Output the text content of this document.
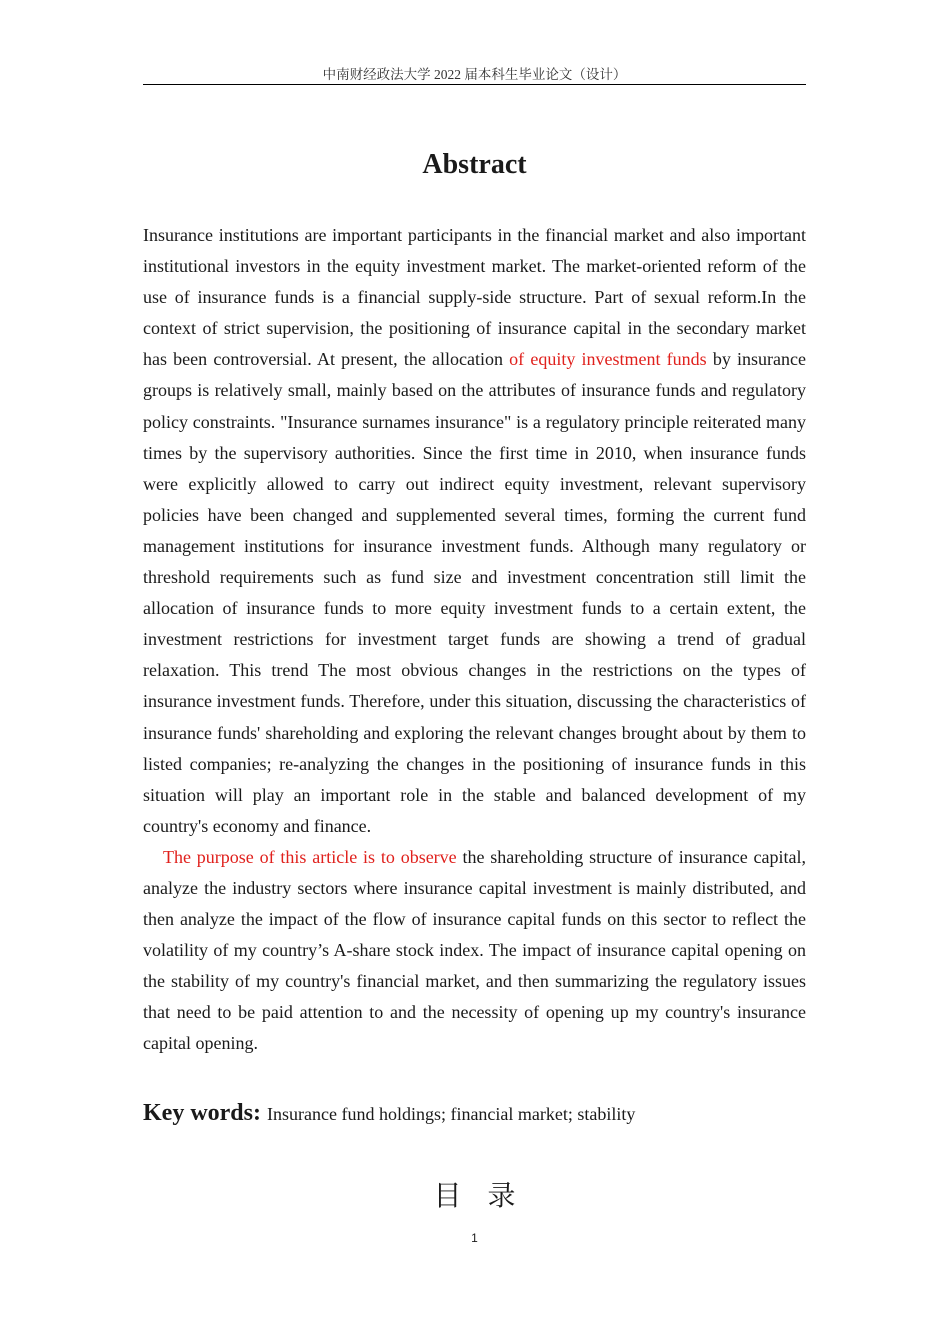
中南财经政法大学 2022 届本科生毕业论文（设计）
Abstract

Insurance institutions are important participants in the financial market and also important institutional investors in the equity investment market. The market-oriented reform of the use of insurance funds is a financial supply-side structure. Part of sexual reform.In the context of strict supervision, the positioning of insurance capital in the secondary market has been controversial. At present, the allocation of equity investment funds by insurance groups is relatively small, mainly based on the attributes of insurance funds and regulatory policy constraints. "Insurance surnames insurance" is a regulatory principle reiterated many times by the supervisory authorities. Since the first time in 2010, when insurance funds were explicitly allowed to carry out indirect equity investment, relevant supervisory policies have been changed and supplemented several times, forming the current fund management institutions for insurance investment funds. Although many regulatory or threshold requirements such as fund size and investment concentration still limit the allocation of insurance funds to more equity investment funds to a certain extent, the investment restrictions for investment target funds are showing a trend of gradual relaxation. This trend The most obvious changes in the restrictions on the types of insurance investment funds. Therefore, under this situation, discussing the characteristics of insurance funds' shareholding and exploring the relevant changes brought about by them to listed companies; re-analyzing the changes in the positioning of insurance funds in this situation will play an important role in the stable and balanced development of my country's economy and finance.

The purpose of this article is to observe the shareholding structure of insurance capital, analyze the industry sectors where insurance capital investment is mainly distributed, and then analyze the impact of the flow of insurance capital funds on this sector to reflect the volatility of my country’s A-share stock index. The impact of insurance capital opening on the stability of my country's financial market, and then summarizing the regulatory issues that need to be paid attention to and the necessity of opening up my country's insurance capital opening.

Key words: Insurance fund holdings; financial market; stability
目录
1
